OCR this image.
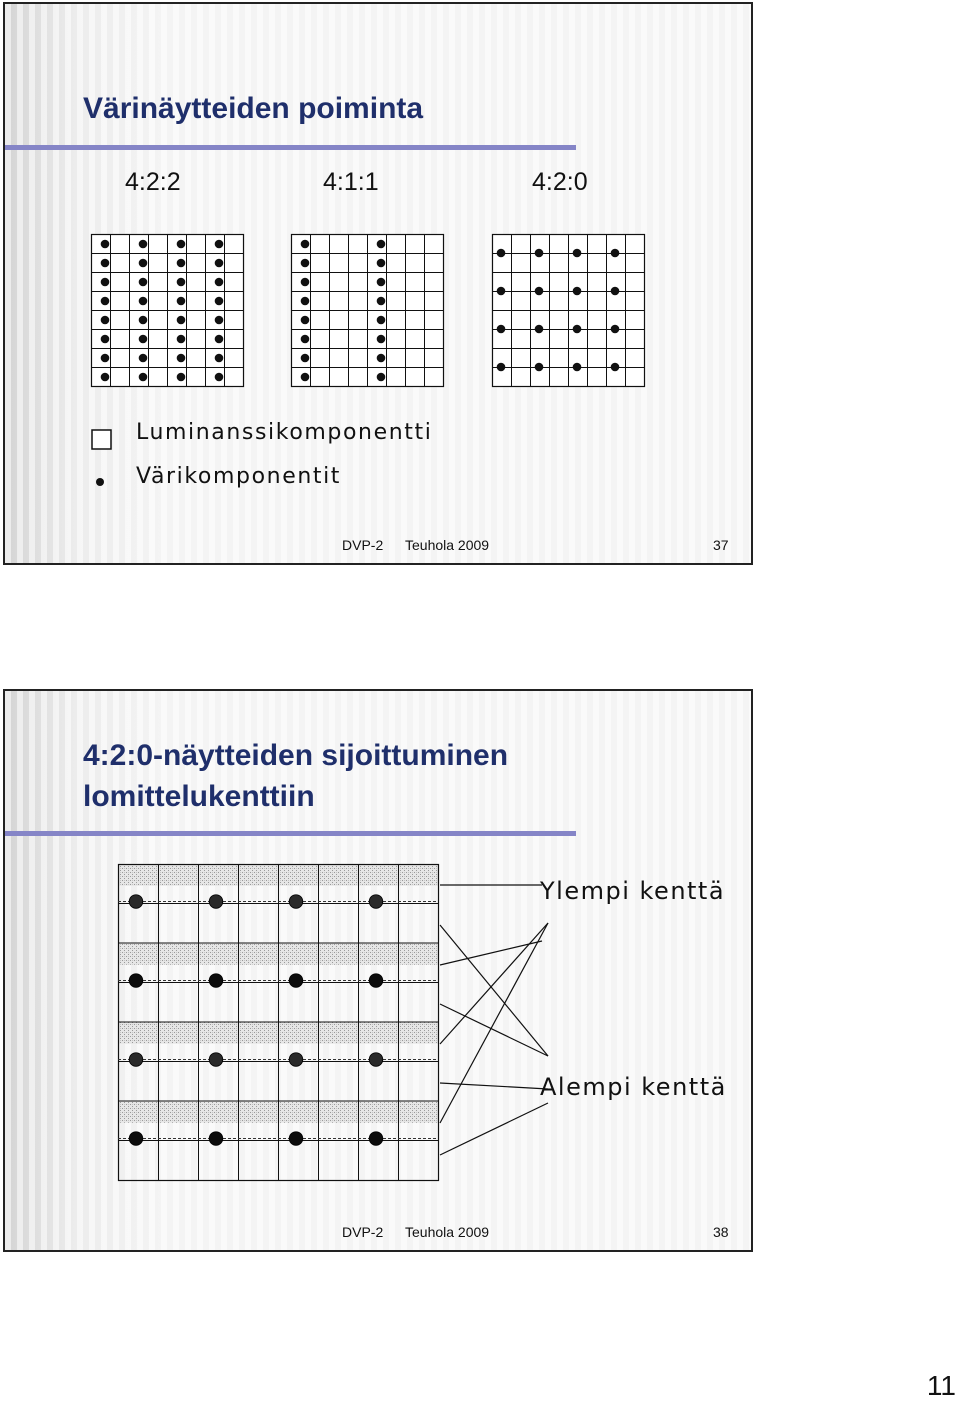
Värinäytteiden poiminta
4:2:2	4:1:1	4:2:0
Luminanssikomponentti
Värikomponentit
DVP-2 Teuhola 2009	37
4:2:0-näytteiden sijoittuminen
lomittelukenttiin
Ylempi kenttä
Alempi kenttä
DVP-2 Teuhola 2009	38
11
